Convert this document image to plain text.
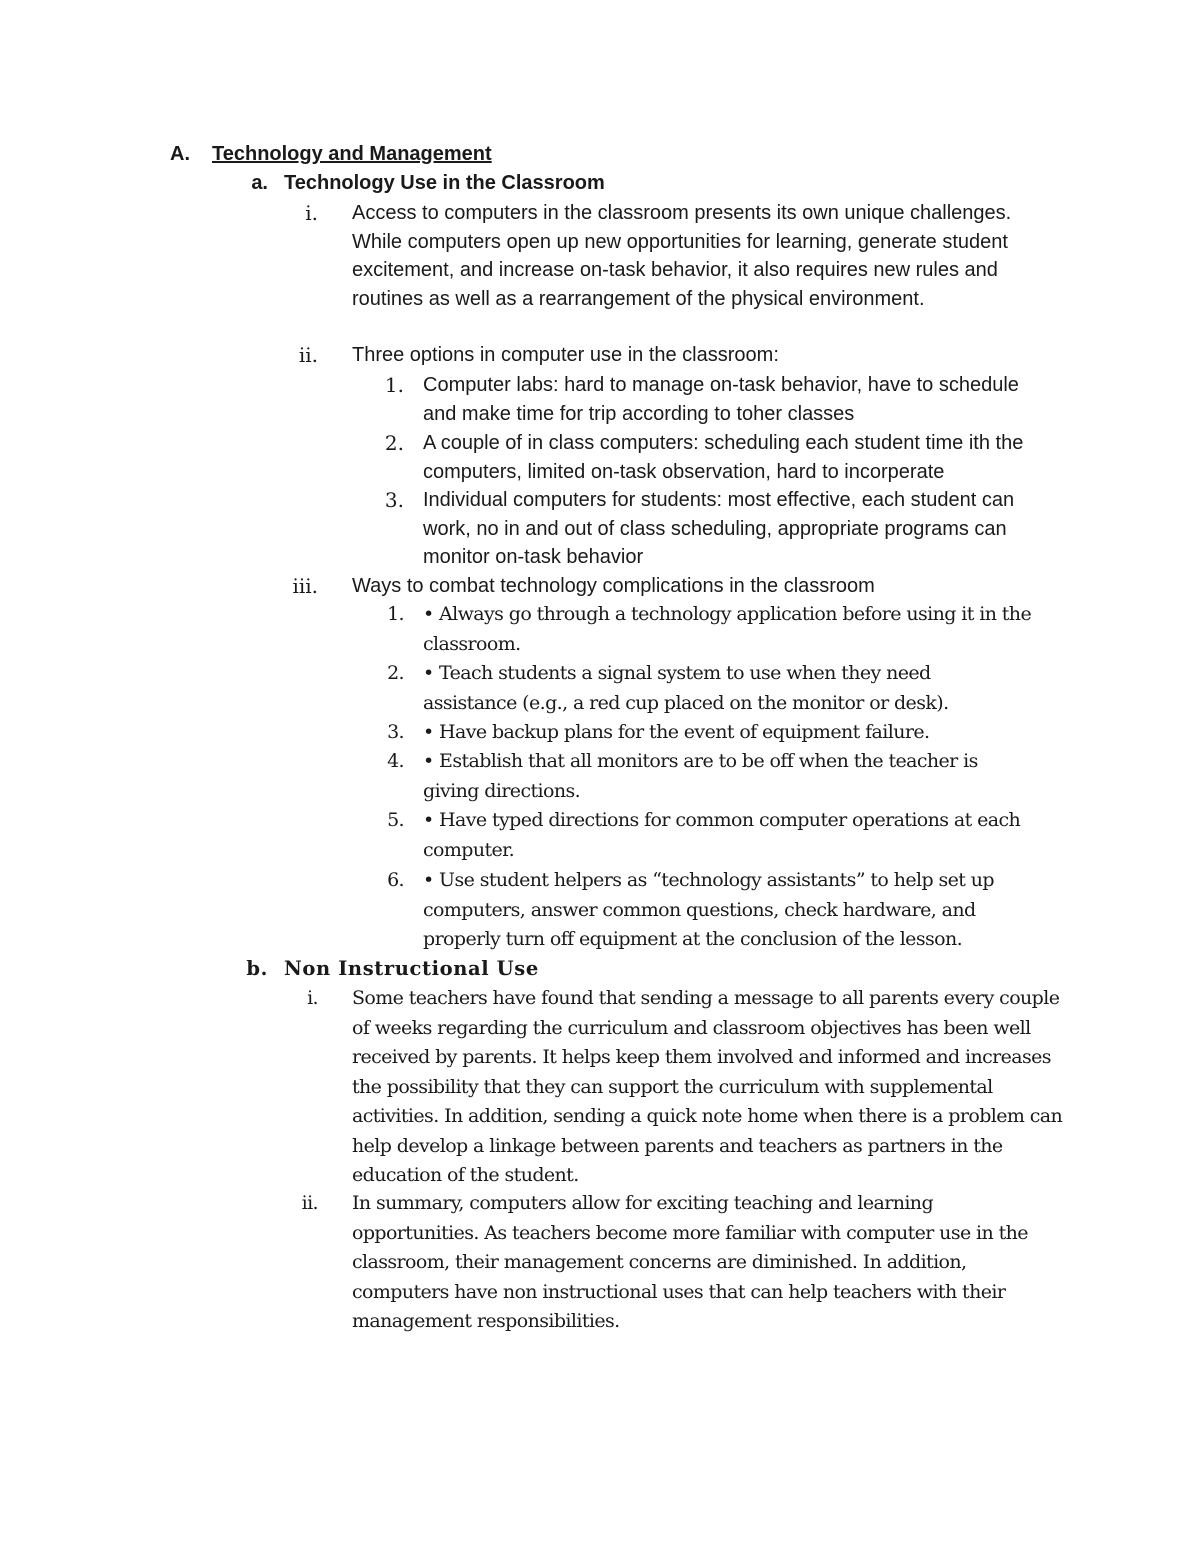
A. Technology and Management
a. Technology Use in the Classroom
i. Access to computers in the classroom presents its own unique challenges. While computers open up new opportunities for learning, generate student excitement, and increase on-task behavior, it also requires new rules and routines as well as a rearrangement of the physical environment.
ii. Three options in computer use in the classroom:
1. Computer labs: hard to manage on-task behavior, have to schedule and make time for trip according to toher classes
2. A couple of in class computers: scheduling each student time ith the computers, limited on-task observation, hard to incorperate
3. Individual computers for students: most effective, each student can work, no in and out of class scheduling, appropriate programs can monitor on-task behavior
iii. Ways to combat technology complications in the classroom
1. • Always go through a technology application before using it in the classroom.
2. • Teach students a signal system to use when they need assistance (e.g., a red cup placed on the monitor or desk).
3. • Have backup plans for the event of equipment failure.
4. • Establish that all monitors are to be off when the teacher is giving directions.
5. • Have typed directions for common computer operations at each computer.
6. • Use student helpers as “technology assistants” to help set up computers, answer common questions, check hardware, and properly turn off equipment at the conclusion of the lesson.
b. Non Instructional Use
i. Some teachers have found that sending a message to all parents every couple of weeks regarding the curriculum and classroom objectives has been well received by parents. It helps keep them involved and informed and increases the possibility that they can support the curriculum with supplemental activities. In addition, sending a quick note home when there is a problem can help develop a linkage between parents and teachers as partners in the education of the student.
ii. In summary, computers allow for exciting teaching and learning opportunities. As teachers become more familiar with computer use in the classroom, their management concerns are diminished. In addition, computers have non instructional uses that can help teachers with their management responsibilities.
